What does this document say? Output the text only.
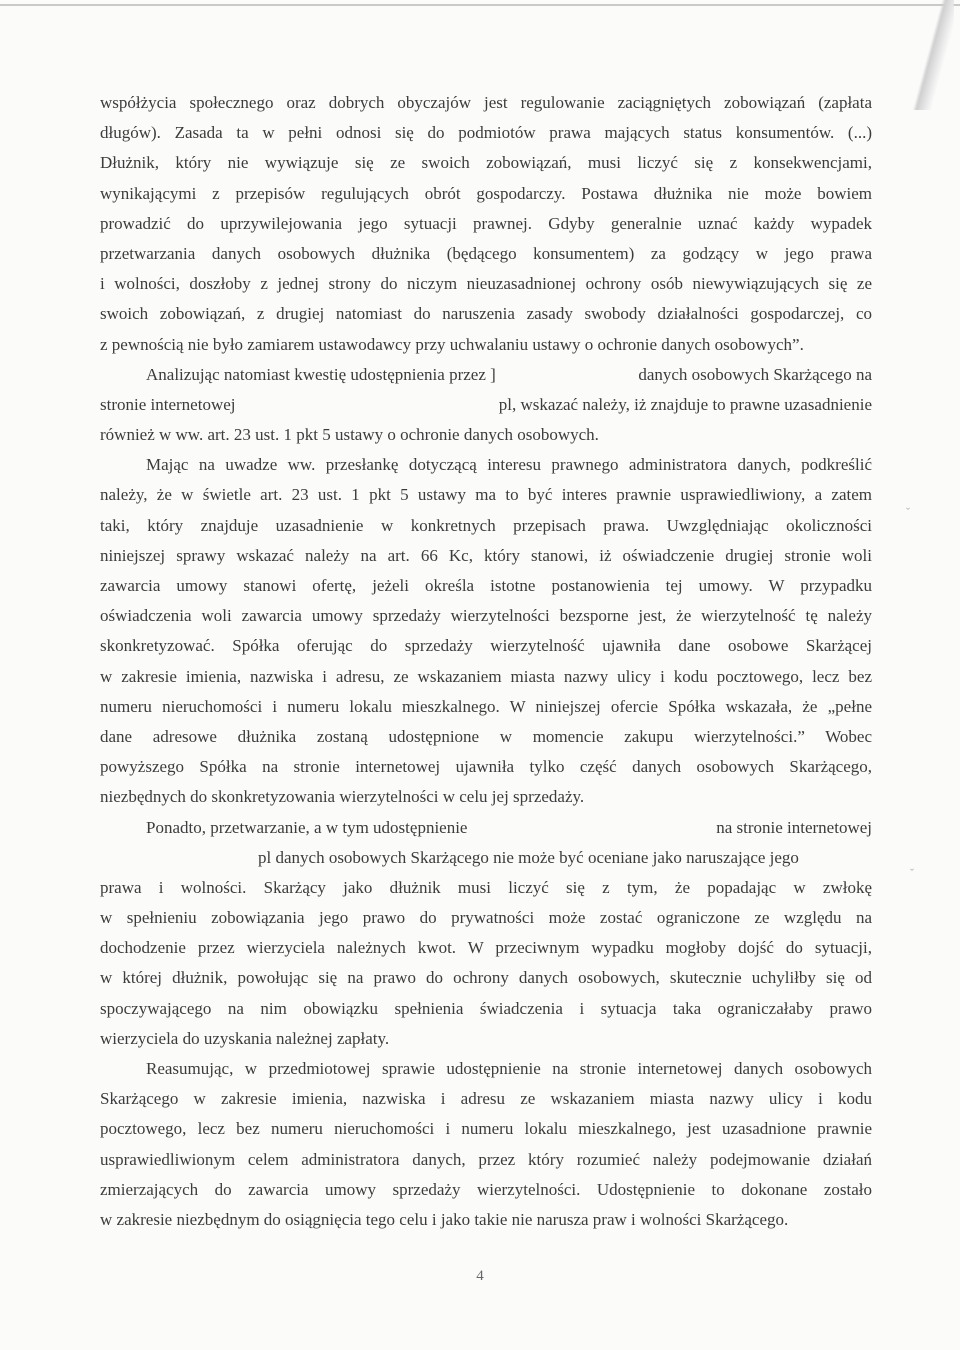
ˇ
ˇ
współżycia społecznego oraz dobrych obyczajów jest regulowanie zaciągniętych zobowiązań (zapłata
długów). Zasada ta w pełni odnosi się do podmiotów prawa mających status konsumentów. (...)
Dłużnik, który nie wywiązuje się ze swoich zobowiązań, musi liczyć się z konsekwencjami,
wynikającymi z przepisów regulujących obrót gospodarczy. Postawa dłużnika nie może bowiem
prowadzić do uprzywilejowania jego sytuacji prawnej. Gdyby generalnie uznać każdy wypadek
przetwarzania danych osobowych dłużnika (będącego konsumentem) za godzący w jego prawa
i wolności, doszłoby z jednej strony do niczym nieuzasadnionej ochrony osób niewywiązujących się ze
swoich zobowiązań, z drugiej natomiast do naruszenia zasady swobody działalności gospodarczej, co
z pewnością nie było zamiarem ustawodawcy przy uchwalaniu ustawy o ochronie danych osobowych”.
Analizując natomiast kwestię udostępnienia przez ]	danych osobowych Skarżącego na
stronie internetowej	pl, wskazać należy, iż znajduje to prawne uzasadnienie
również w ww. art. 23 ust. 1 pkt 5 ustawy o ochronie danych osobowych.
Mając na uwadze ww. przesłankę dotyczącą interesu prawnego administratora danych, podkreślić
należy, że w świetle art. 23 ust. 1 pkt 5 ustawy ma to być interes prawnie usprawiedliwiony, a zatem
taki, który znajduje uzasadnienie w konkretnych przepisach prawa. Uwzględniając okoliczności
niniejszej sprawy wskazać należy na art. 66 Kc, który stanowi, iż oświadczenie drugiej stronie woli
zawarcia umowy stanowi ofertę, jeżeli określa istotne postanowienia tej umowy. W przypadku
oświadczenia woli zawarcia umowy sprzedaży wierzytelności bezsporne jest, że wierzytelność tę należy
skonkretyzować. Spółka oferując do sprzedaży wierzytelność ujawniła dane osobowe Skarżącej
w zakresie imienia, nazwiska i adresu, ze wskazaniem miasta nazwy ulicy i kodu pocztowego, lecz bez
numeru nieruchomości i numeru lokalu mieszkalnego. W niniejszej ofercie Spółka wskazała, że „pełne
dane adresowe dłużnika zostaną udostępnione w momencie zakupu wierzytelności.” Wobec
powyższego Spółka na stronie internetowej ujawniła tylko część danych osobowych Skarżącego,
niezbędnych do skonkretyzowania wierzytelności w celu jej sprzedaży.
Ponadto, przetwarzanie, a w tym udostępnienie	na stronie internetowej
pl danych osobowych Skarżącego nie może być oceniane jako naruszające jego
prawa i wolności. Skarżący jako dłużnik musi liczyć się z tym, że popadając w zwłokę
w spełnieniu zobowiązania jego prawo do prywatności może zostać ograniczone ze względu na
dochodzenie przez wierzyciela należnych kwot. W przeciwnym wypadku mogłoby dojść do sytuacji,
w której dłużnik, powołując się na prawo do ochrony danych osobowych, skutecznie uchyliłby się od
spoczywającego na nim obowiązku spełnienia świadczenia i sytuacja taka ograniczałaby prawo
wierzyciela do uzyskania należnej zapłaty.
Reasumując, w przedmiotowej sprawie udostępnienie na stronie internetowej danych osobowych
Skarżącego w zakresie imienia, nazwiska i adresu ze wskazaniem miasta nazwy ulicy i kodu
pocztowego, lecz bez numeru nieruchomości i numeru lokalu mieszkalnego, jest uzasadnione prawnie
usprawiedliwionym celem administratora danych, przez który rozumieć należy podejmowanie działań
zmierzających do zawarcia umowy sprzedaży wierzytelności. Udostępnienie to dokonane zostało
w zakresie niezbędnym do osiągnięcia tego celu i jako takie nie narusza praw i wolności Skarżącego.
4
